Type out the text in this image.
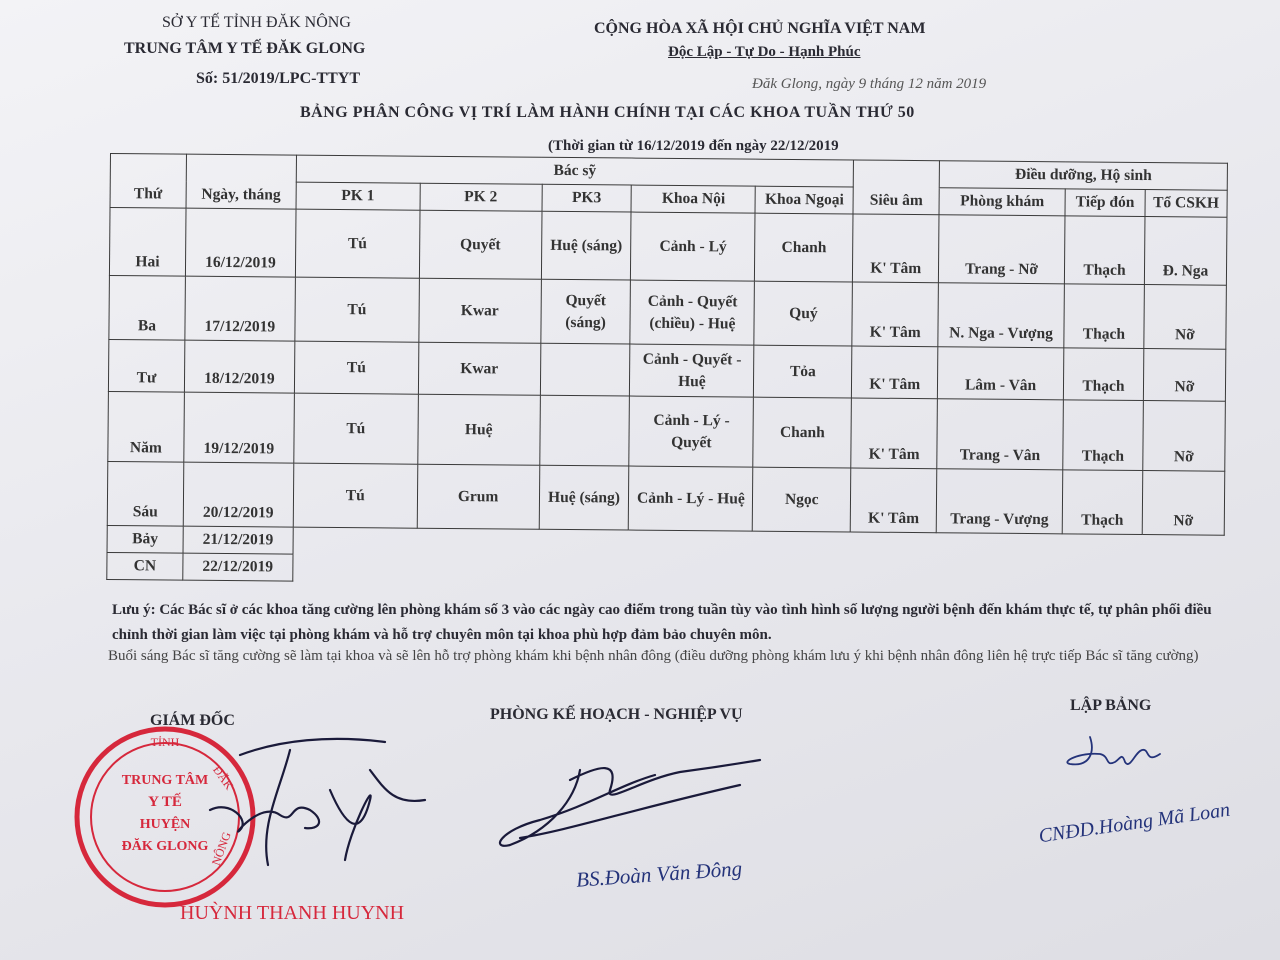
SỞ Y TẾ TỈNH ĐĂK NÔNG
TRUNG TÂM Y TẾ ĐĂK GLONG
Số: 51/2019/LPC-TTYT
CỘNG HÒA XÃ HỘI CHỦ NGHĨA VIỆT NAM
Độc Lập - Tự Do - Hạnh Phúc
Đăk Glong, ngày 9 tháng 12 năm 2019
BẢNG PHÂN CÔNG VỊ TRÍ LÀM HÀNH CHÍNH TẠI CÁC KHOA TUẦN THỨ 50
(Thời gian từ 16/12/2019 đến ngày 22/12/2019
Thứ	Ngày, tháng	Bác sỹ						Điều dưỡng, Hộ sinh		
		PK 1	PK 2	PK3	Khoa Nội	Khoa Ngoại	Siêu âm	Phòng khám	Tiếp đón	Tổ CSKH
Hai	16/12/2019	Tú	Quyết	Huệ (sáng)	Cảnh - Lý	Chanh	K' Tâm	Trang - Nỡ	Thạch	Đ. Nga
Ba	17/12/2019	Tú	Kwar	Quyết (sáng)	Cảnh - Quyết (chiều) - Huệ	Quý	K' Tâm	N. Nga - Vượng	Thạch	Nỡ
Tư	18/12/2019	Tú	Kwar		Cảnh - Quyết - Huệ	Tỏa	K' Tâm	Lâm - Vân	Thạch	Nỡ
Năm	19/12/2019	Tú	Huệ		Cảnh - Lý - Quyết	Chanh	K' Tâm	Trang - Vân	Thạch	Nỡ
Sáu	20/12/2019	Tú	Grum	Huệ (sáng)	Cảnh - Lý - Huệ	Ngọc	K' Tâm	Trang - Vượng	Thạch	Nỡ
Bảy	21/12/2019									
CN	22/12/2019									
Lưu ý: Các Bác sĩ ở các khoa tăng cường lên phòng khám số 3 vào các ngày cao điểm trong tuần tùy vào tình hình số lượng người bệnh đến khám thực tế, tự phân phối điều chỉnh thời gian làm việc tại phòng khám và hỗ trợ chuyên môn tại khoa phù hợp đảm bảo chuyên môn.
Buổi sáng Bác sĩ tăng cường sẽ làm tại khoa và sẽ lên hỗ trợ phòng khám khi bệnh nhân đông (điều dưỡng phòng khám lưu ý khi bệnh nhân đông liên hệ trực tiếp Bác sĩ tăng cường)
GIÁM ĐỐC
TỈNH
ĐĂK
NÔNG
TRUNG TÂM
Y TẾ
HUYỆN
ĐĂK GLONG
HUỲNH THANH HUYNH
PHÒNG KẾ HOẠCH - NGHIỆP VỤ
BS.Đoàn Văn Đông
LẬP BẢNG
CNĐD.Hoàng Mã Loan
